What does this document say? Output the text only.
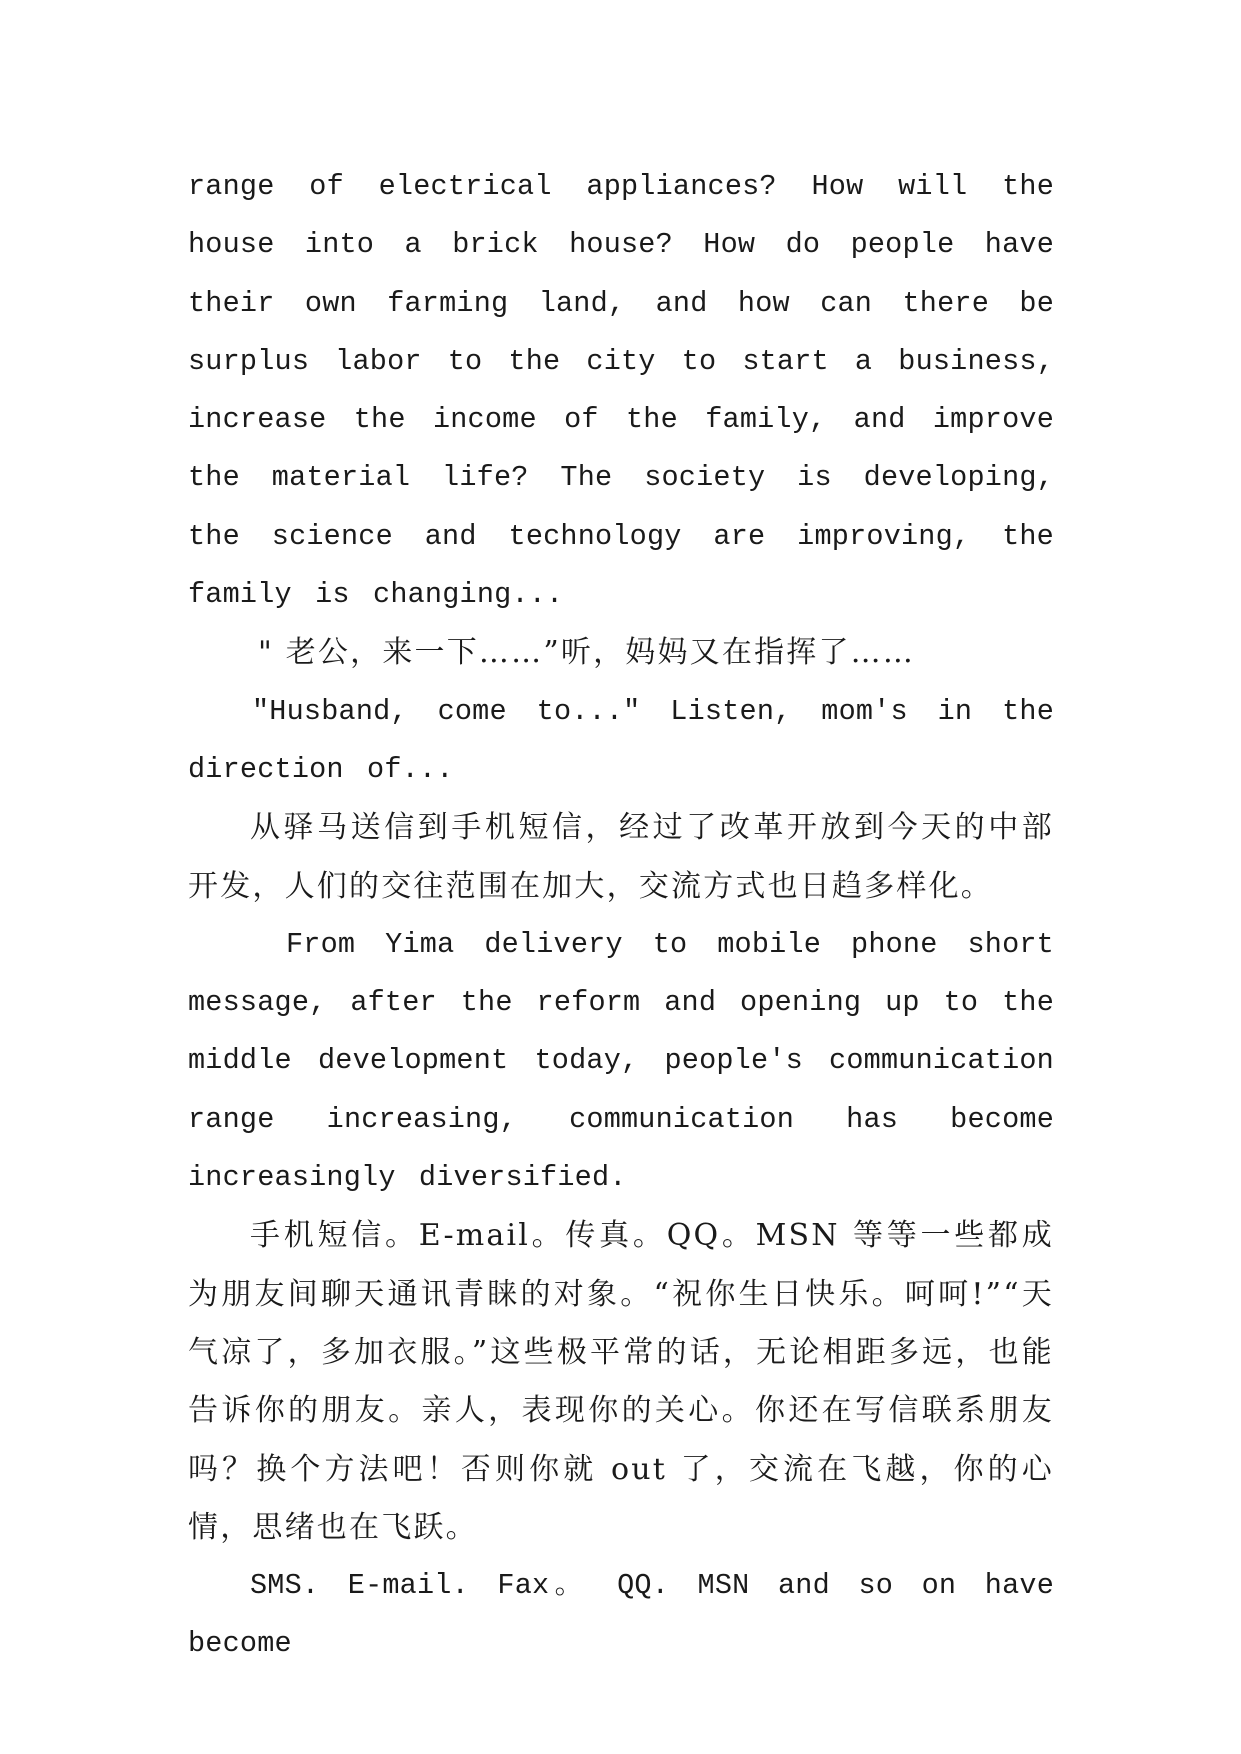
range of electrical appliances? How will the house into a brick house? How do people have their own farming land, and how can there be surplus labor to the city to start a business, increase the income of the family, and improve the material life? The society is developing, the science and technology are improving, the family is changing...

" 老公，来一下……”听，妈妈又在指挥了……

"Husband, come to..." Listen, mom's in the direction of...

从驿马送信到手机短信，经过了改革开放到今天的中部开发，人们的交往范围在加大，交流方式也日趋多样化。

From Yima delivery to mobile phone short message, after the reform and opening up to the middle development today, people's communication range increasing, communication has become increasingly diversified.

手机短信。E-mail。传真。QQ。MSN 等等一些都成为朋友间聊天通讯青睐的对象。“祝你生日快乐。呵呵!”“天气凉了，多加衣服。”这些极平常的话，无论相距多远，也能告诉你的朋友。亲人，表现你的关心。你还在写信联系朋友吗？换个方法吧！否则你就 out 了，交流在飞越，你的心情，思绪也在飞跃。

SMS. E-mail. Fax。 QQ. MSN and so on have become
